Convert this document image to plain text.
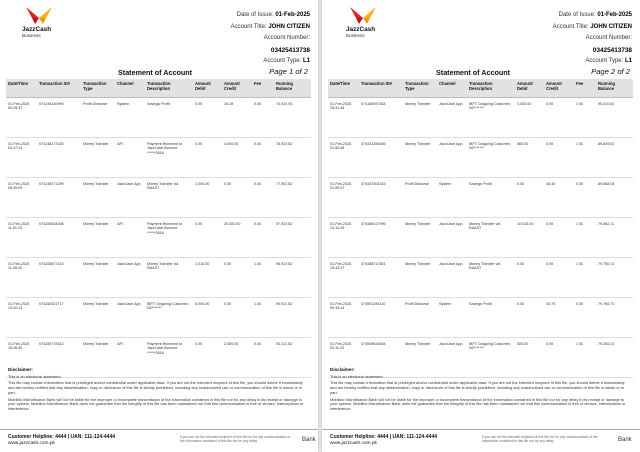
JazzCash
Business
Date of Issue: 01-Feb-2025
Account Title: JOHN CITIZEN
Account Number:
03425413738
Account Type: L1
Statement of Account	Page 1 of 2
Date/Time	Transaction ID#	Transaction Type	Channel	Transaction Description	Amount Debit	Amount Credit	Fee	Running Balance
01-Feb-2025 00:29:37	074145140999	Profit Disburse	System	Savings Profit	0.00	15.19	0.00	74,924.93
01-Feb-2025 03:47:14	074148177426	Money Transfer	API	Payment Received to JazzCash Account ******2816	0.00	4,000.00	0.00	78,922.62
01-Feb-2025 05:49:09	074149271299	Money Transfer	JazzCash App	Money Transfer via RAAST	1,000.00	0.00	0.00	77,902.62
01-Feb-2025 11:01:13	074160634498	Money Transfer	API	Payment Received to JazzCash Account ******2816	0.00	20,000.00	0.00	97,922.62
01-Feb-2025 11:28:10	074160677416	Money Transfer	JazzCash App	Money Transfer via RAAST	1,010.00	0.00	1.00	96,912.62
01-Feb-2025 13:42:13	074160421717	Money Transfer	JazzCash App	IBFT Outgoing Customer-N2*******	6,000.00	0.00	1.00	90,911.62
01-Feb-2025 15:26:49	074169778312	Money Transfer	API	Payment Received to JazzCash Account ******2816	0.00	2,500.00	0.00	93,411.62
Disclaimer:

This is an electronic statement.

This file may contain information that is privileged and/or confidential under applicable laws. If you are not the intended recipient of this file, you should delete it immediately and are hereby notified that any dissemination, copy or disclosure of this file is strictly prohibited, including any unauthorized use or communication of this file in whole or in part.

Mobilink Microfinance Bank will not be liable for the improper or incomplete transmission of the information contained in this file nor for any delay in its receipt or damage to your system. Mobilink Microfinance Bank does not guarantee that the integrity of this file has been maintained nor that this communication is free of viruses, interceptions or interference.

Customer Helpline: 4444 | UAN: 111-124-4444
www.jazzcash.com.pk
If you are not the intended recipient of this file nor for any communication of the information contained in this file nor for any delay	Bank
JazzCash
Business
Date of Issue: 01-Feb-2025
Account Title: JOHN CITIZEN
Account Number:
03425413738
Account Type: L1
Statement of Account	Page 2 of 2
Date/Time	Transaction ID#	Transaction Type	Channel	Transaction Description	Amount Debit	Amount Credit	Fee	Running Balance
01-Feb-2025 15:31:48	074165097364	Money Transfer	JazzCash App	IBFT Outgoing Customer-N2*******	3,000.00	0.00	1.00	90,410.62
01-Feb-2025 21:52:08	074431395466	Money Transfer	JazzCash App	IBFT Outgoing Customer-N2*******	560.00	0.00	1.00	89,849.62
01-Feb-2025 21:59:07	074447004316	Profit Disburse	System	Savings Profit	0.00	18.46	0.00	89,868.08
01-Feb-2025 14:14:39	074466417996	Money Transfer	JazzCash App	Money Transfer via RAAST	10,015.00	0.00	1.00	79,852.11
01-Feb-2025 19:33:27	074488717561	Money Transfer	JazzCash App	Money Transfer via RAAST	0.00	0.00	1.00	79,750.11
01-Feb-2025 09:19:14	074501194310	Profit Disburse	System	Savings Profit	0.00	16.79	0.00	79,766.70
01-Feb-2025 20:11:23	074508924654	Money Transfer	JazzCash App	IBFT Outgoing Customer-N2*******	500.00	0.00	1.00	79,265.23
Disclaimer:

This is an electronic statement.

This file may contain information that is privileged and/or confidential under applicable laws. If you are not the intended recipient of this file, you should delete it immediately and are hereby notified that any dissemination, copy or disclosure of this file is strictly prohibited, including any unauthorized use or communication of this file in whole or in part.

Mobilink Microfinance Bank will not be liable for the improper or incomplete transmission of the information contained in this file nor for any delay in its receipt or damage to your system. Mobilink Microfinance Bank does not guarantee that the integrity of this file has been maintained nor that this communication is free of viruses, interceptions or interference.

Customer Helpline: 4444 | UAN: 111-124-4444
www.jazzcash.com.pk
If you are not the intended recipient of this file nor for any communication of the information contained in this file nor for any delay	Bank
